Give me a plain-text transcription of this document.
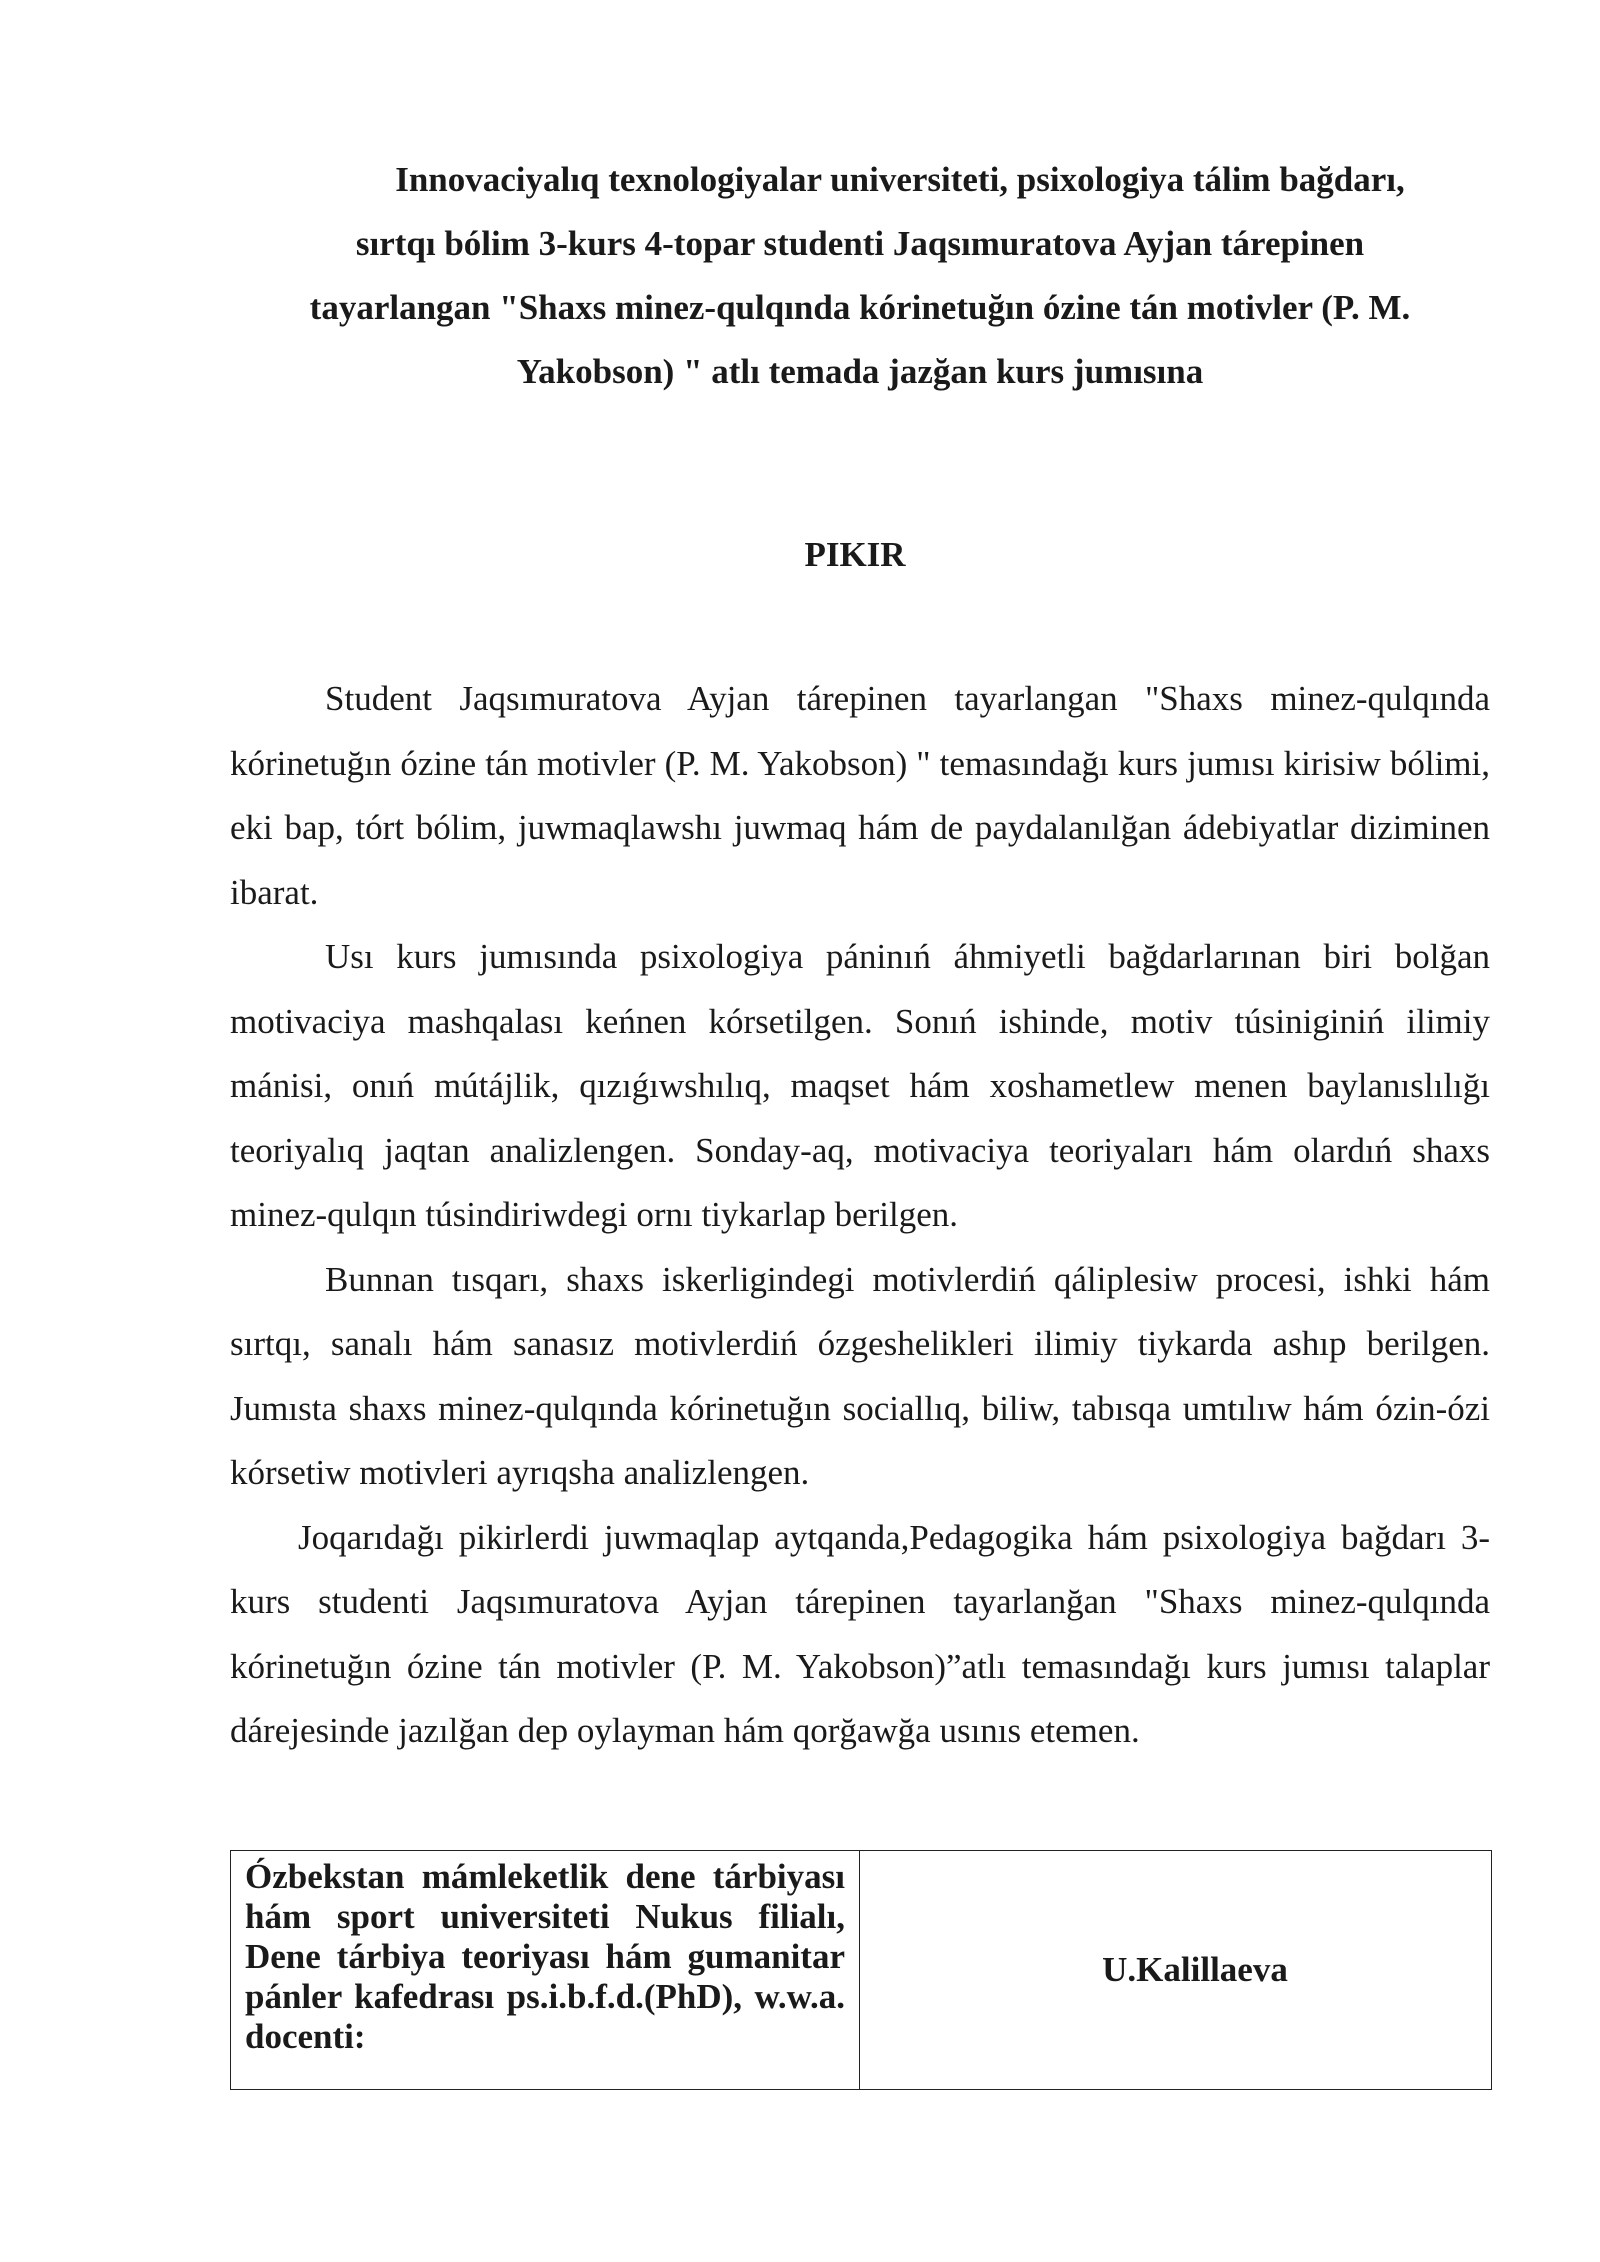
Innovaciyalıq texnologiyalar universiteti, psixologiya tálim bağdarı,
sırtqı bólim 3-kurs 4-topar studenti Jaqsımuratova Ayjan tárepinen
tayarlangan "Shaxs minez-qulqında kórinetuğın ózine tán motivler (P. M.
Yakobson) " atlı temada jazğan kurs jumısına
PIKIR

Student Jaqsımuratova Ayjan tárepinen tayarlangan "Shaxs minez-qulqında kórinetuğın ózine tán motivler (P. M. Yakobson) " temasındağı kurs jumısı kirisiw bólimi, eki bap, tórt bólim, juwmaqlawshı juwmaq hám de paydalanılğan ádebiyatlar diziminen ibarat.

Usı kurs jumısında psixologiya páninıń áhmiyetli bağdarlarınan biri bolğan motivaciya mashqalası keńnen kórsetilgen. Sonıń ishinde, motiv túsiniginiń ilimiy mánisi, onıń mútájlik, qızıǵıwshılıq, maqset hám xoshametlew menen baylanıslılığı teoriyalıq jaqtan analizlengen. Sonday-aq, motivaciya teoriyaları hám olardıń shaxs minez-qulqın túsindiriwdegi ornı tiykarlap berilgen.

Bunnan tısqarı, shaxs iskerligindegi motivlerdiń qáliplesiw procesi, ishki hám sırtqı, sanalı hám sanasız motivlerdiń ózgeshelikleri ilimiy tiykarda ashıp berilgen. Jumısta shaxs minez-qulqında kórinetuğın sociallıq, biliw, tabısqa umtılıw hám ózin-ózi kórsetiw motivleri ayrıqsha analizlengen.

Joqarıdağı pikirlerdi juwmaqlap aytqanda,Pedagogika hám psixologiya bağdarı 3-kurs studenti Jaqsımuratova Ayjan tárepinen tayarlanğan "Shaxs minez-qulqında kórinetuğın ózine tán motivler (P. M. Yakobson)”atlı temasındağı kurs jumısı talaplar dárejesinde jazılğan dep oylayman hám qorğawğa usınıs etemen.

Ózbekstan mámleketlik dene tárbiyası hám sport universiteti Nukus filialı, Dene tárbiya teoriyası hám gumanitar pánler kafedrası ps.i.b.f.d.(PhD), w.w.a. docenti:	U.Kalillaeva
